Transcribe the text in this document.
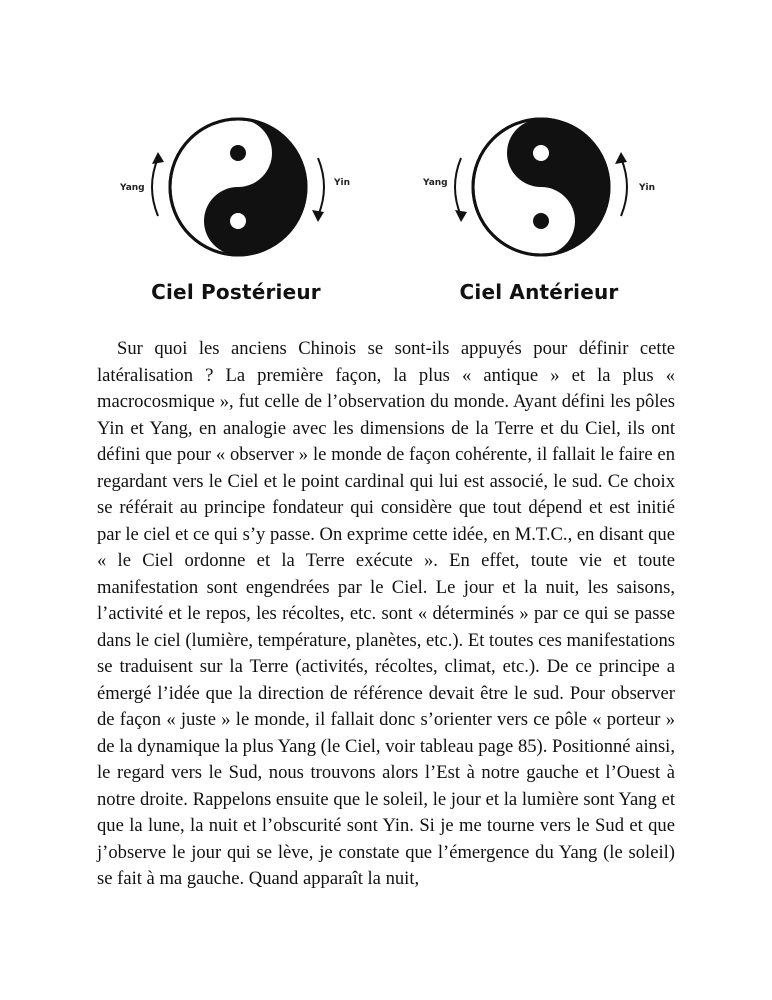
Yang	Yin
Ciel Postérieur
Yang	Yin
Ciel Antérieur

Sur quoi les anciens Chinois se sont-ils appuyés pour définir cette latéralisation ? La première façon, la plus « antique » et la plus « macrocosmique », fut celle de l’observation du monde. Ayant défini les pôles Yin et Yang, en analogie avec les dimensions de la Terre et du Ciel, ils ont défini que pour « observer » le monde de façon cohérente, il fallait le faire en regardant vers le Ciel et le point cardinal qui lui est associé, le sud. Ce choix se référait au principe fondateur qui considère que tout dépend et est initié par le ciel et ce qui s’y passe. On exprime cette idée, en M.T.C., en disant que « le Ciel ordonne et la Terre exécute ». En effet, toute vie et toute manifestation sont engendrées par le Ciel. Le jour et la nuit, les saisons, l’activité et le repos, les récoltes, etc. sont « déterminés » par ce qui se passe dans le ciel (lumière, température, planètes, etc.). Et toutes ces manifestations se traduisent sur la Terre (activités, récoltes, climat, etc.). De ce principe a émergé l’idée que la direction de référence devait être le sud. Pour observer de façon « juste » le monde, il fallait donc s’orienter vers ce pôle « porteur » de la dynamique la plus Yang (le Ciel, voir tableau page 85). Positionné ainsi, le regard vers le Sud, nous trouvons alors l’Est à notre gauche et l’Ouest à notre droite. Rappelons ensuite que le soleil, le jour et la lumière sont Yang et que la lune, la nuit et l’obscurité sont Yin. Si je me tourne vers le Sud et que j’observe le jour qui se lève, je constate que l’émergence du Yang (le soleil) se fait à ma gauche. Quand apparaît la nuit,
